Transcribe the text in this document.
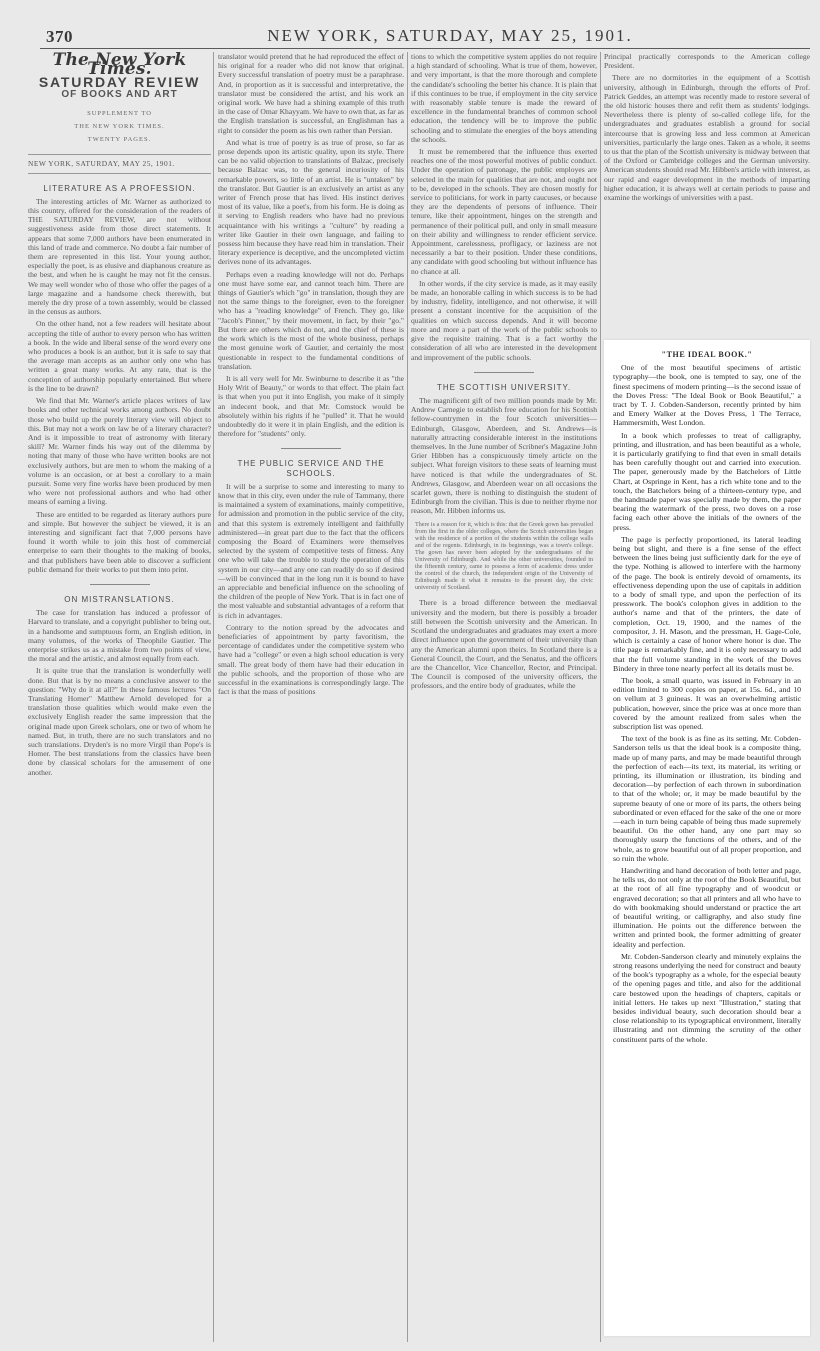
370	NEW YORK, SATURDAY, MAY 25, 1901.
The New York Times.
SATURDAY REVIEW
OF BOOKS AND ART
SUPPLEMENT TO
THE NEW YORK TIMES.
TWENTY PAGES.
NEW YORK, SATURDAY, MAY 25, 1901.
LITERATURE AS A PROFESSION.

The interesting articles of Mr. Warner as authorized to this country, offered for the consideration of the readers of THE SATURDAY REVIEW, are not without suggestiveness aside from those direct statements. It appears that some 7,000 authors have been enumerated in this land of trade and commerce. No doubt a fair number of them are represented in this list. Your young author, especially the poet, is as elusive and diaphanous creature as the best, and when he is caught he may not fit the census. We may well wonder who of those who offer the pages of a large magazine and a handsome check therewith, but merely the dry prose of a town assembly, would be classed in the census as authors.

On the other hand, not a few readers will hesitate about accepting the title of author to every person who has written a book. In the wide and liberal sense of the word every one who produces a book is an author, but it is safe to say that the average man accepts as an author only one who has written a great many works. At any rate, that is the conception of authorship popularly entertained. But where is the line to be drawn?

We find that Mr. Warner's article places writers of law books and other technical works among authors. No doubt those who build up the purely literary view will object to this. But may not a work on law be of a literary character? And is it impossible to treat of astronomy with literary skill? Mr. Warner finds his way out of the dilemma by noting that many of those who have written books are not exclusively authors, but are men to whom the making of a volume is an occasion, or at best a corollary to a main pursuit. Some very fine works have been produced by men who were not professional authors and who had other means of earning a living.

These are entitled to be regarded as literary authors pure and simple. But however the subject be viewed, it is an interesting and significant fact that 7,000 persons have found it worth while to join this host of commercial enterprise to earn their thoughts to the making of books, and that publishers have been able to discover a sufficient public demand for their works to put them into print.

ON MISTRANSLATIONS.

The case for translation has induced a professor of Harvard to translate, and a copyright publisher to bring out, in a handsome and sumptuous form, an English edition, in many volumes, of the works of Theophile Gautier. The enterprise strikes us as a mistake from two points of view, the moral and the artistic, and almost equally from each.

It is quite true that the translation is wonderfully well done. But that is by no means a conclusive answer to the question: "Why do it at all?" In these famous lectures "On Translating Homer" Matthew Arnold developed for a translation those qualities which would make even the exclusively English reader the same impression that the original made upon Greek scholars, one or two of whom he named. But, in truth, there are no such translators and no such translations. Dryden's is no more Virgil than Pope's is Homer. The best translations from the classics have been done by classical scholars for the amusement of one another.

translator would pretend that he had reproduced the effect of his original for a reader who did not know that original. Every successful translation of poetry must be a paraphrase. And, in proportion as it is successful and interpretative, the translator must be considered the artist, and his work an original work. We have had a shining example of this truth in the case of Omar Khayyam. We have to own that, as far as the English translation is successful, an Englishman has a right to consider the poem as his own rather than Persian.

And what is true of poetry is as true of prose, so far as prose depends upon its artistic quality, upon its style. There can be no valid objection to translations of Balzac, precisely because Balzac was, to the general incuriosity of his remarkable powers, so little of an artist. He is "untaken" by the translator. But Gautier is an exclusively an artist as any writer of French prose that has lived. His instinct derives most of its value, like a poet's, from his form. He is doing as it serving to English readers who have had no previous acquaintance with his writings a "culture" by reading a writer like Gautier in their own language, and failing to possess him because they have read him in translation. Their literary experience is deceptive, and the uncompleted victim derives none of its advantages.

Perhaps even a reading knowledge will not do. Perhaps one must have some ear, and cannot teach him. There are things of Gautier's which "go" in translation, though they are not the same things to the foreigner, even to the foreigner who has a "reading knowledge" of French. They go, like "Jacob's Pinner," by their movement, in fact, by their "go." But there are others which do not, and the chief of these is the work which is the most of the whole business, perhaps the most genuine work of Gautier, and certainly the most questionable in respect to the fundamental conditions of translation.

It is all very well for Mr. Swinburne to describe it as "the Holy Writ of Beauty," or words to that effect. The plain fact is that when you put it into English, you make of it simply an indecent book, and that Mr. Comstock would be absolutely within his rights if he "pulled" it. That he would undoubtedly do it were it in plain English, and the edition is therefore for "students" only.

THE PUBLIC SERVICE AND THE SCHOOLS.

It will be a surprise to some and interesting to many to know that in this city, even under the rule of Tammany, there is maintained a system of examinations, mainly competitive, for admission and promotion in the public service of the city, and that this system is extremely intelligent and faithfully administered—in great part due to the fact that the officers composing the Board of Examiners were themselves selected by the system of competitive tests of fitness. Any one who will take the trouble to study the operation of this system in our city—and any one can readily do so if desired—will be convinced that in the long run it is bound to have an appreciable and beneficial influence on the schooling of the children of the people of New York. That is in fact one of the most valuable and substantial advantages of a reform that is rich in advantages.

Contrary to the notion spread by the advocates and beneficiaries of appointment by party favoritism, the percentage of candidates under the competitive system who have had a "college" or even a high school education is very small. The great body of them have had their education in the public schools, and the proportion of those who are successful in the examinations is correspondingly large. The fact is that the mass of positions

tions to which the competitive system applies do not require a high standard of schooling. What is true of them, however, and very important, is that the more thorough and complete the candidate's schooling the better his chance. It is plain that if this continues to be true, if employment in the city service with reasonably stable tenure is made the reward of excellence in the fundamental branches of common school education, the tendency will be to improve the public schooling and to stimulate the energies of the boys attending the schools.

It must be remembered that the influence thus exerted reaches one of the most powerful motives of public conduct. Under the operation of patronage, the public employes are selected in the main for qualities that are not, and ought not to be, developed in the schools. They are chosen mostly for service to politicians, for work in party caucuses, or because they are the dependents of persons of influence. Their tenure, like their appointment, hinges on the strength and permanence of their political pull, and only in small measure on their ability and willingness to render efficient service. Appointment, carelessness, profligacy, or laziness are not necessarily a bar to their position. Under these conditions, any candidate with good schooling but without influence has no chance at all.

In other words, if the city service is made, as it may easily be made, an honorable calling in which success is to be had by industry, fidelity, intelligence, and not otherwise, it will present a constant incentive for the acquisition of the qualities on which success depends. And it will become more and more a part of the work of the public schools to give the requisite training. That is a fact worthy the consideration of all who are interested in the development and improvement of the public schools.

THE SCOTTISH UNIVERSITY.

The magnificent gift of two million pounds made by Mr. Andrew Carnegie to establish free education for his Scottish fellow-countrymen in the four Scotch universities—Edinburgh, Glasgow, Aberdeen, and St. Andrews—is naturally attracting considerable interest in the institutions themselves. In the June number of Scribner's Magazine John Grier Hibben has a conspicuously timely article on the subject. What foreign visitors to these seats of learning must have noticed is that while the undergraduates of St. Andrews, Glasgow, and Aberdeen wear on all occasions the scarlet gown, there is nothing to distinguish the student of Edinburgh from the civilian. This is due to neither rhyme nor reason, Mr. Hibben informs us.

There is a reason for it, which is this: that the Greek gown has prevailed from the first in the older colleges, where the Scotch universities began with the residence of a portion of the students within the college walls and of the regents. Edinburgh, in its beginnings, was a town's college. The gown has never been adopted by the undergraduates of the University of Edinburgh. And while the other universities, founded in the fifteenth century, came to possess a form of academic dress under the control of the church, the independent origin of the University of Edinburgh made it what it remains to the present day, the civic university of Scotland.

There is a broad difference between the mediaeval university and the modern, but there is possibly a broader still between the Scottish university and the American. In Scotland the undergraduates and graduates may exert a more direct influence upon the government of their university than any the American alumni upon theirs. In Scotland there is a General Council, the Court, and the Senatus, and the officers are the Chancellor, Vice Chancellor, Rector, and Principal. The Council is composed of the university officers, the professors, and the entire body of graduates, while the

Principal practically corresponds to the American college President.

There are no dormitories in the equipment of a Scottish university, although in Edinburgh, through the efforts of Prof. Patrick Geddes, an attempt was recently made to restore several of the old historic houses there and refit them as students' lodgings. Nevertheless there is plenty of so-called college life, for the undergraduates and graduates establish a ground for social intercourse that is growing less and less common at American universities, particularly the large ones. Taken as a whole, it seems to us that the plan of the Scottish university is midway between that of the Oxford or Cambridge colleges and the German university. American students should read Mr. Hibben's article with interest, as our rapid and eager development in the methods of imparting higher education, it is always well at certain periods to pause and examine the workings of universities with a past.

"THE IDEAL BOOK."

One of the most beautiful specimens of artistic typography—the book, one is tempted to say, one of the finest specimens of modern printing—is the second issue of the Doves Press: "The Ideal Book or Book Beautiful," a tract by T. J. Cobden-Sanderson, recently printed by him and Emery Walker at the Doves Press, 1 The Terrace, Hammersmith, West London.

In a book which professes to treat of calligraphy, printing, and illustration, and has been beautiful as a whole, it is particularly gratifying to find that even in small details has been carefully thought out and carried into execution. The paper, generously made by the Batchelors of Little Chart, at Ospringe in Kent, has a rich white tone and to the touch, the Batchelors being of a thirteen-century type, and the handmade paper was specially made by them, the paper bearing the watermark of the press, two doves on a rose facing each other above the initials of the owners of the press.

The page is perfectly proportioned, its lateral leading being but slight, and there is a fine sense of the effect between the lines being just sufficiently dark for the eye of the type. Nothing is allowed to interfere with the harmony of the page. The book is entirely devoid of ornaments, its effectiveness depending upon the use of capitals in addition to a body of small type, and upon the perfection of its presswork. The book's colophon gives in addition to the author's name and that of the printers, the date of completion, Oct. 19, 1900, and the names of the compositor, J. H. Mason, and the pressman, H. Gage-Cole, which is certainly a case of honor where honor is due. The title page is remarkably fine, and it is only necessary to add that the full volume standing in the work of the Doves Bindery in three tone nearly perfect all its details must be.

The book, a small quarto, was issued in February in an edition limited to 300 copies on paper, at 15s. 6d., and 10 on vellum at 3 guineas. It was an overwhelming artistic publication, however, since the price was at once more than covered by the amount realized from sales when the subscription list was opened.

The text of the book is as fine as its setting. Mr. Cobden-Sanderson tells us that the ideal book is a composite thing, made up of many parts, and may be made beautiful through the perfection of each—its text, its material, its writing or printing, its illumination or illustration, its binding and decoration—by perfection of each thrown in subordination to that of the whole; or, it may be made beautiful by the supreme beauty of one or more of its parts, the others being subordinated or even effaced for the sake of the one or more—each in turn being capable of being thus made supremely beautiful. On the other hand, any one part may so thoroughly usurp the functions of the others, and of the whole, as to grow beautiful out of all proper proportion, and so ruin the whole.

Handwriting and hand decoration of both letter and page, he tells us, do not only at the root of the Book Beautiful, but at the root of all fine typography and of woodcut or engraved decoration; so that all printers and all who have to do with bookmaking should understand or practice the art of beautiful writing, or calligraphy, and also study fine illumination. He points out the difference between the written and printed book, the former admitting of greater ideality and perfection.

Mr. Cobden-Sanderson clearly and minutely explains the strong reasons underlying the need for construct and beauty of the book's typography as a whole, for the especial beauty of the opening pages and title, and also for the additional care bestowed upon the headings of chapters, capitals or initial letters. He takes up next "Illustration," stating that besides individual beauty, such decoration should bear a close relationship to its typographical environment, literally illustrating and not dimming the scrutiny of the other constituent parts of the whole.
